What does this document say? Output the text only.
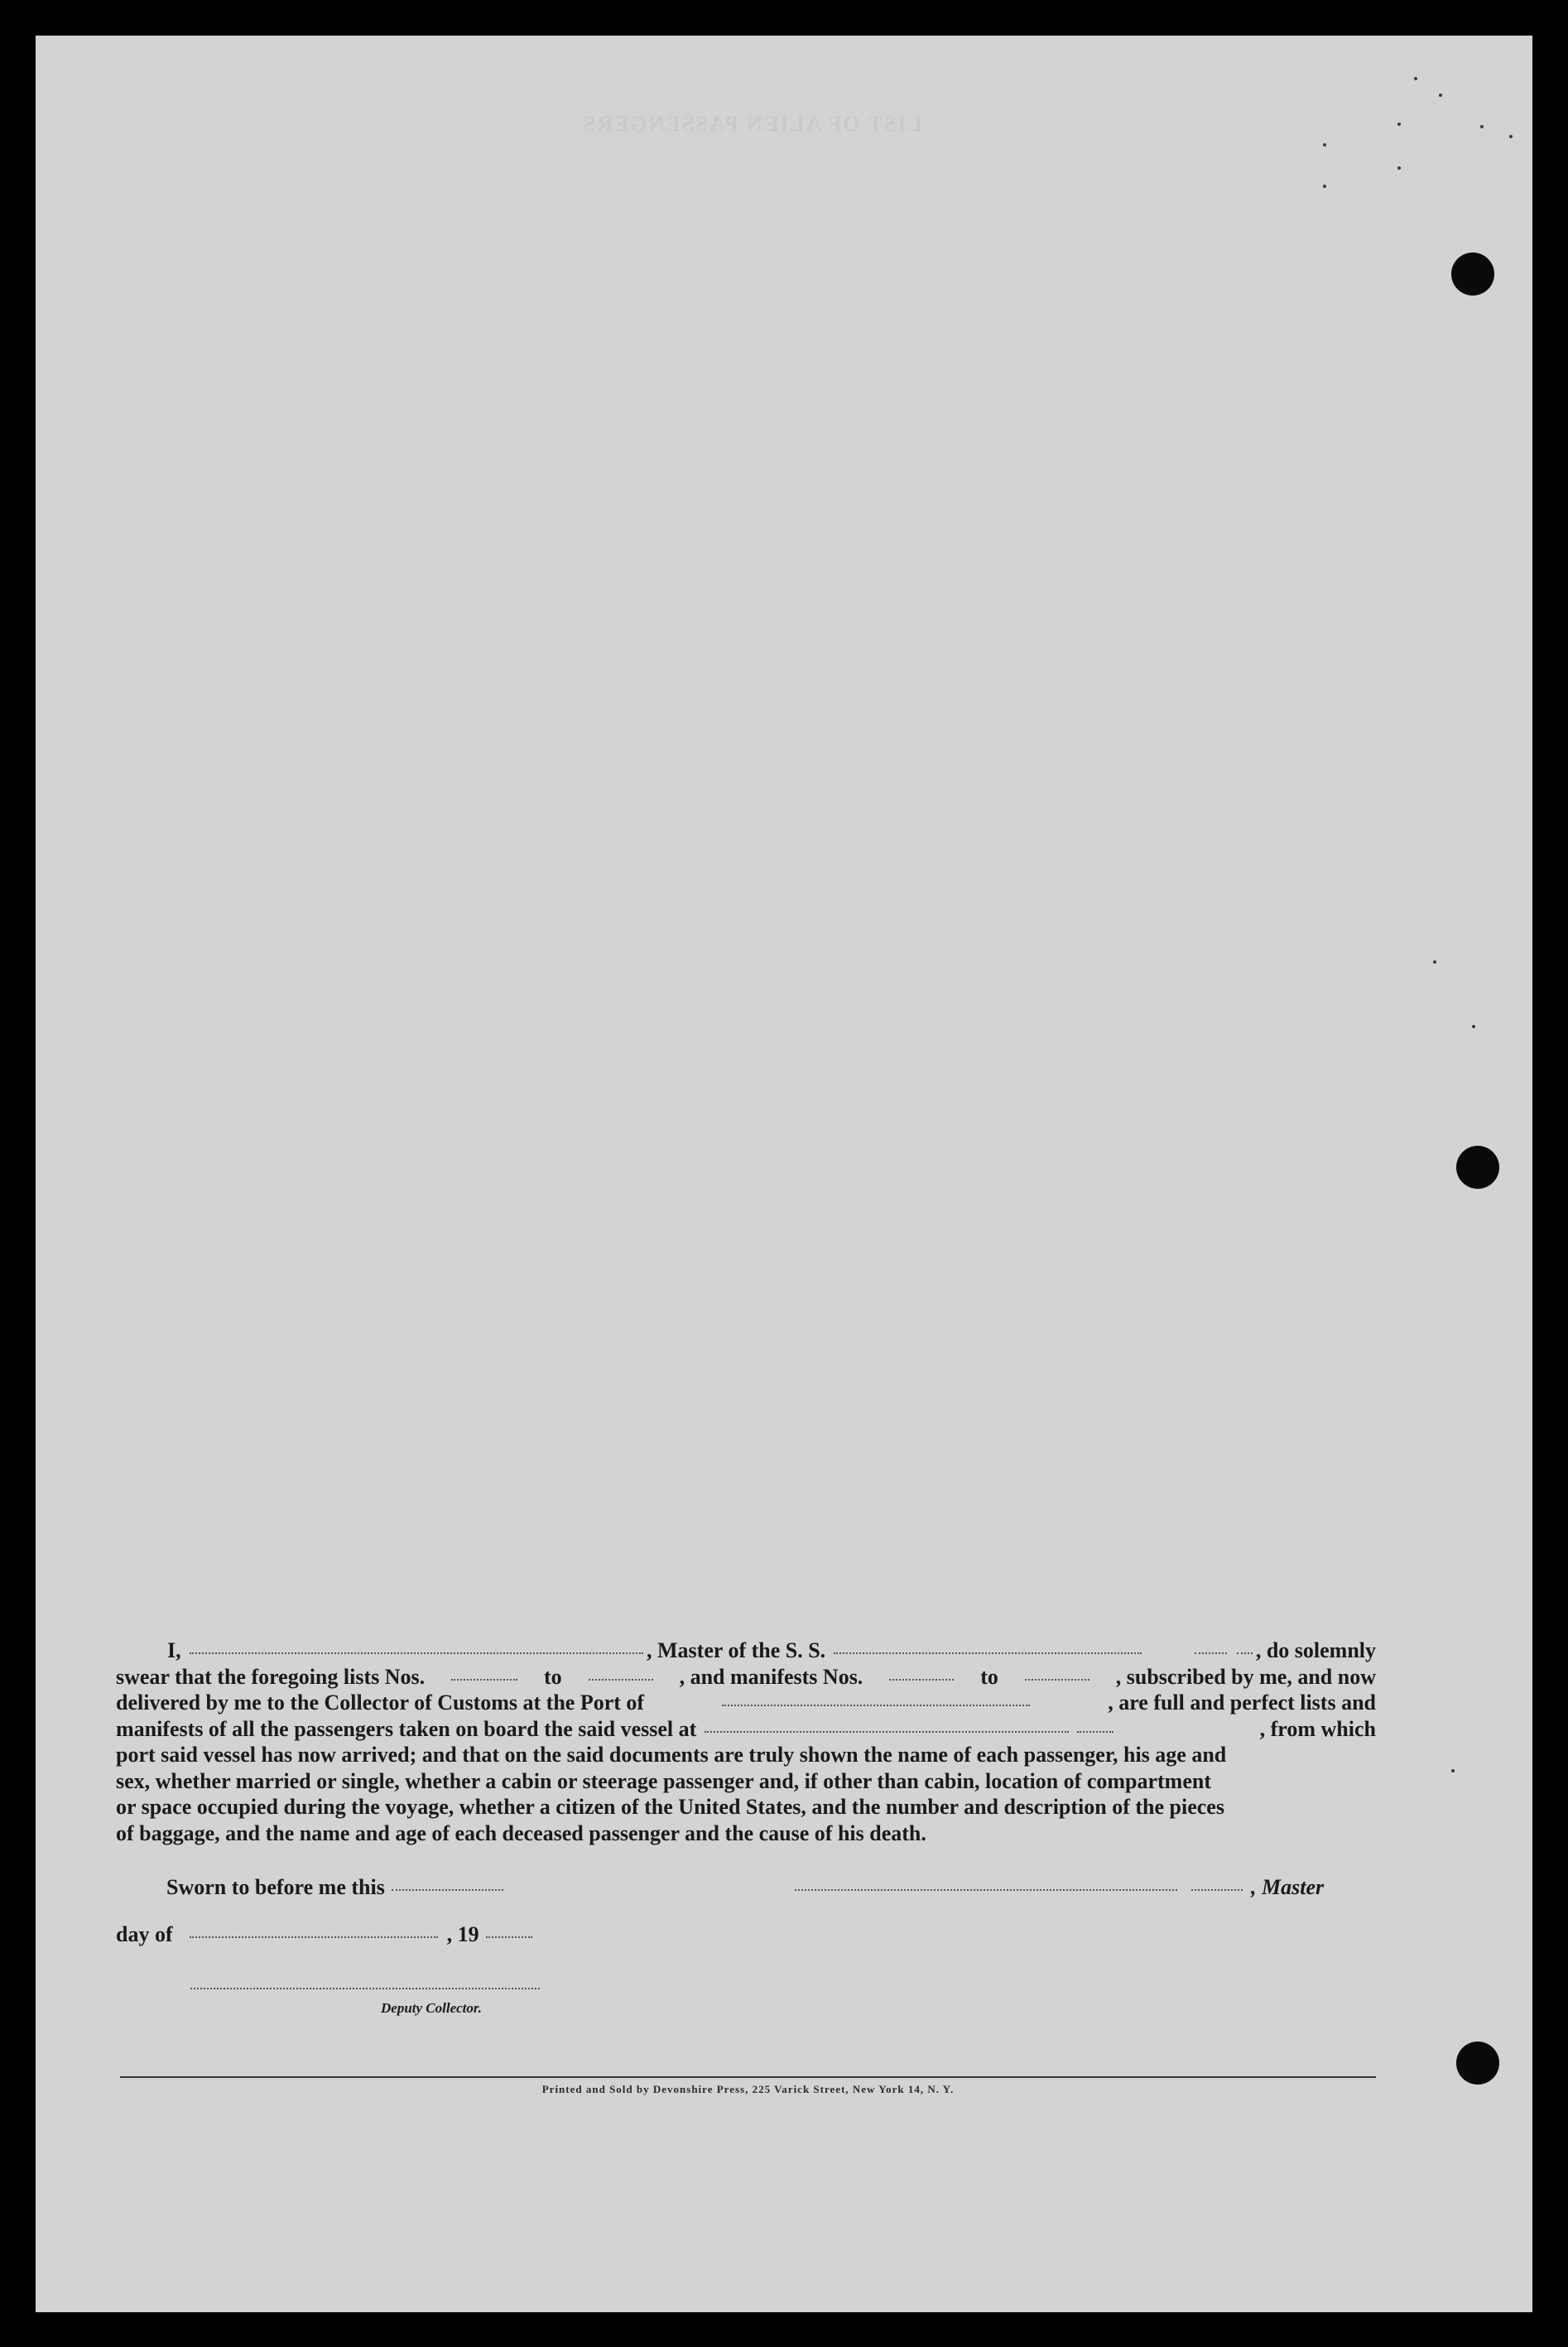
LIST OF ALIEN PASSENGERS
I,	, Master of the S. S.	, do solemnly
swear that the foregoing lists Nos.	to	, and manifests Nos.	to	, subscribed by me, and now
delivered by me to the Collector of Customs at the Port of	, are full and perfect lists and
manifests of all the passengers taken on board the said vessel at	, from which
port said vessel has now arrived; and that on the said documents are truly shown the name of each passenger, his age and
sex, whether married or single, whether a cabin or steerage passenger and, if other than cabin, location of compartment
or space occupied during the voyage, whether a citizen of the United States, and the number and description of the pieces
of baggage, and the name and age of each deceased passenger and the cause of his death.
Sworn to before me this	, Master
day of	, 19
Deputy Collector.
Printed and Sold by Devonshire Press, 225 Varick Street, New York 14, N. Y.
